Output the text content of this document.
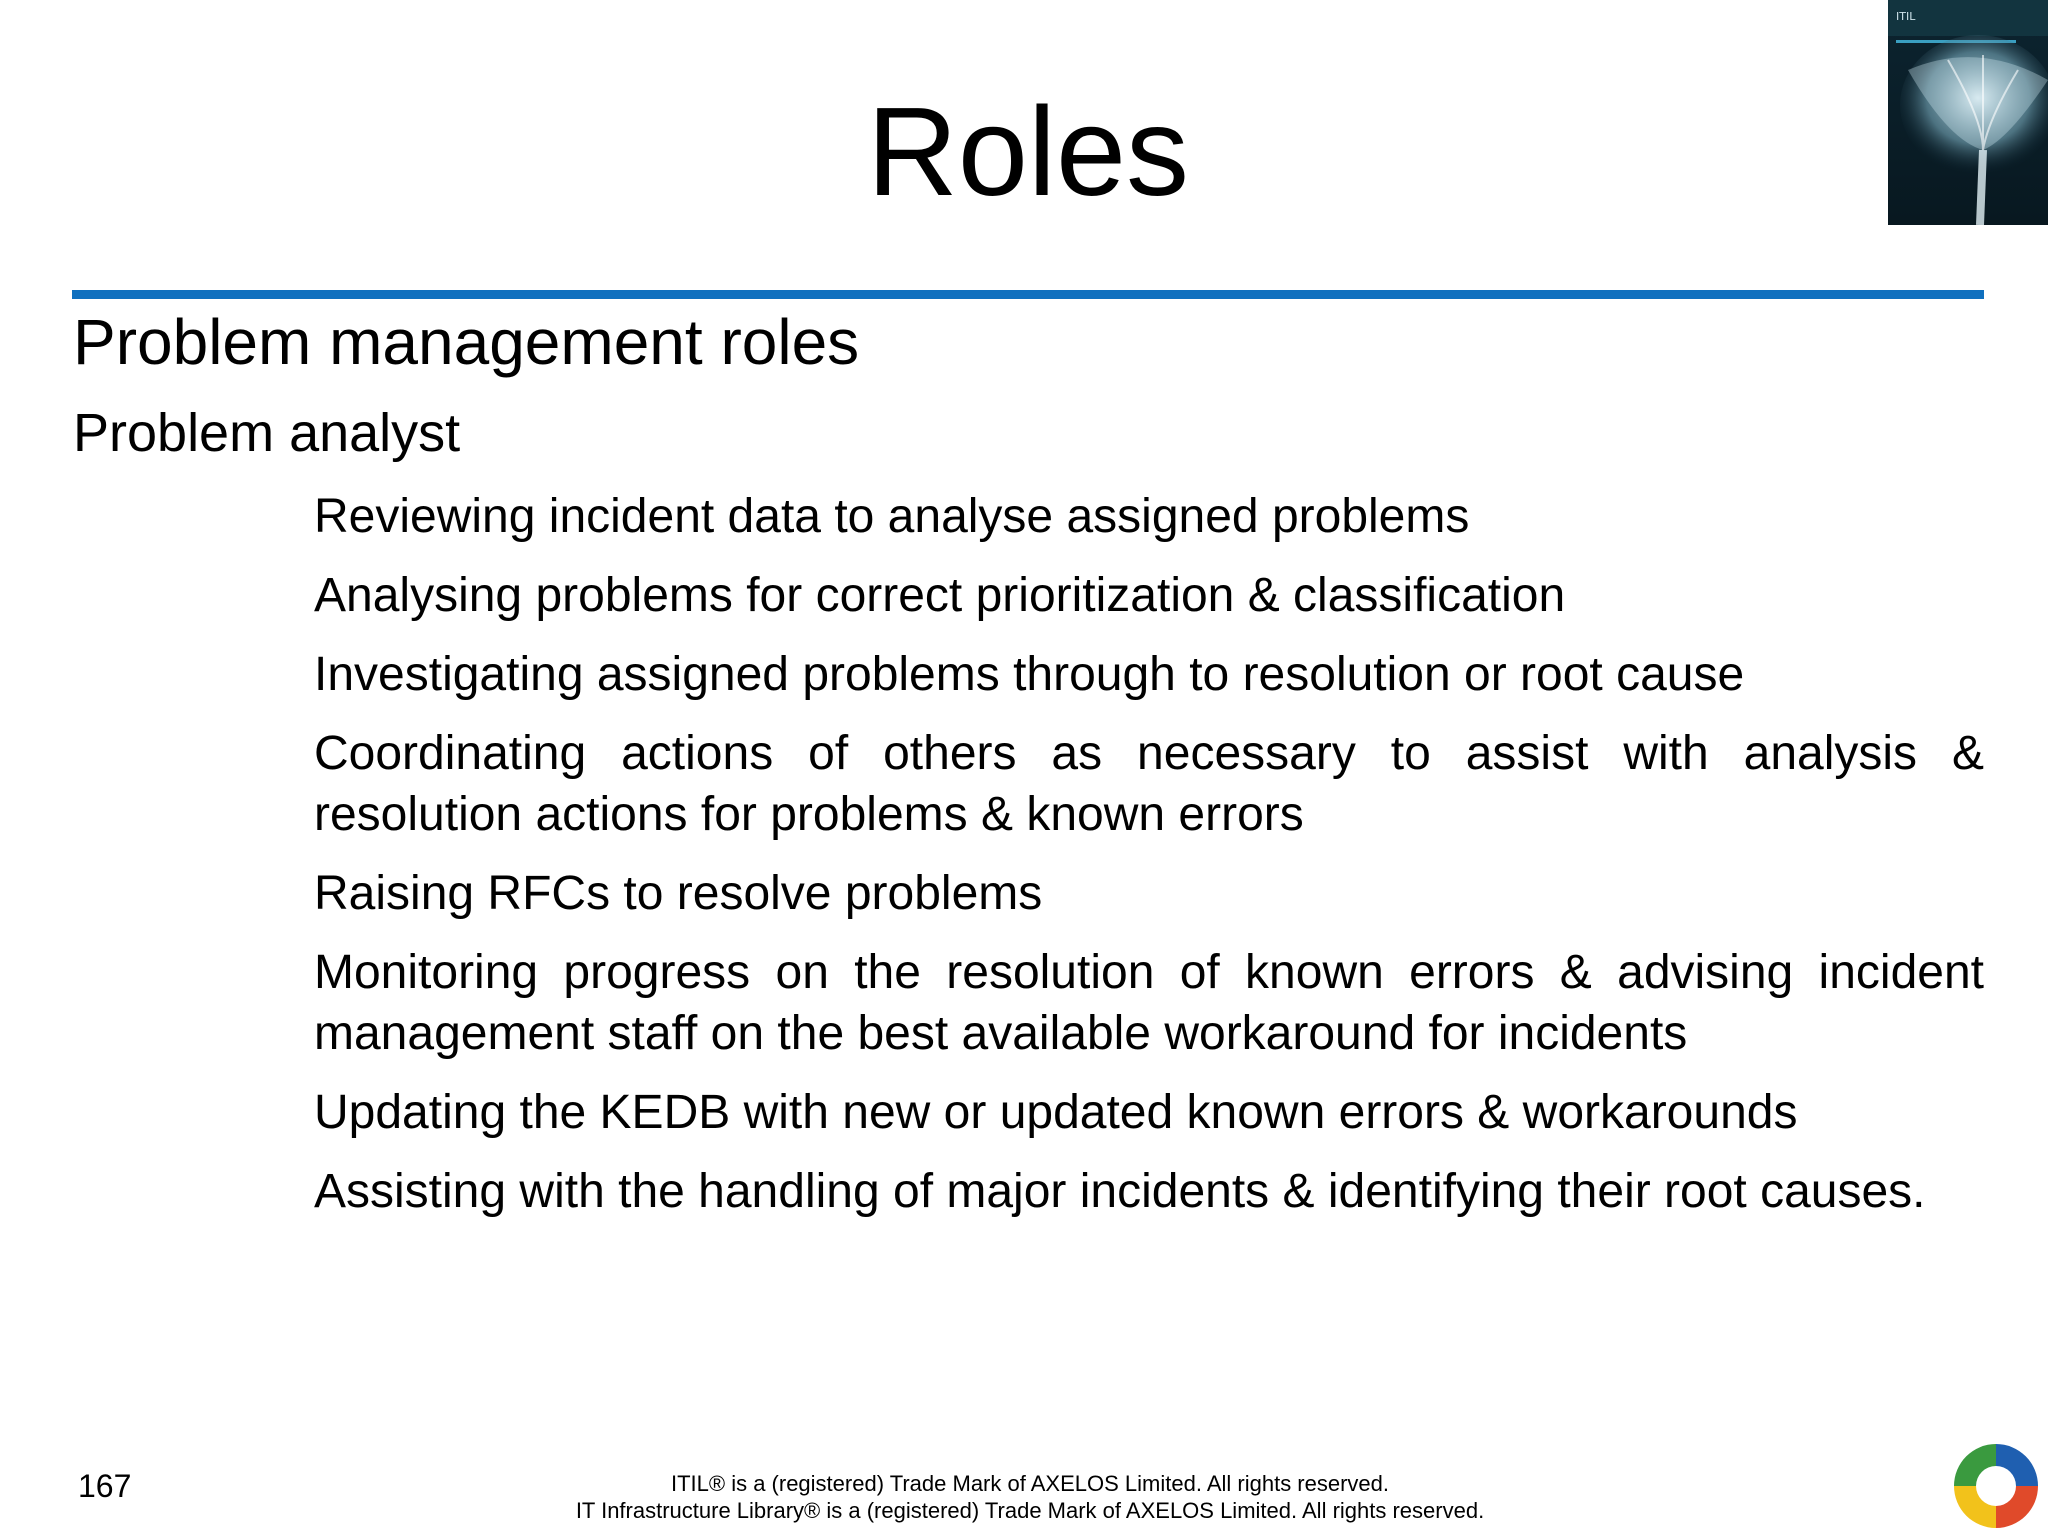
Roles
ITIL
Problem management roles
Problem analyst
Reviewing incident data to analyse assigned problems
Analysing problems for correct prioritization & classification
Investigating assigned problems through to resolution or root cause
Coordinating actions of others as necessary to assist with analysis & resolution actions for problems & known errors
Raising RFCs to resolve problems
Monitoring progress on the resolution of known errors & advising incident management staff on the best available workaround for incidents
Updating the KEDB with new or updated known errors & workarounds
Assisting with the handling of major incidents & identifying their root causes.
167	ITIL® is a (registered) Trade Mark of AXELOS Limited. All rights reserved.
IT Infrastructure Library® is a (registered) Trade Mark of AXELOS Limited. All rights reserved.
